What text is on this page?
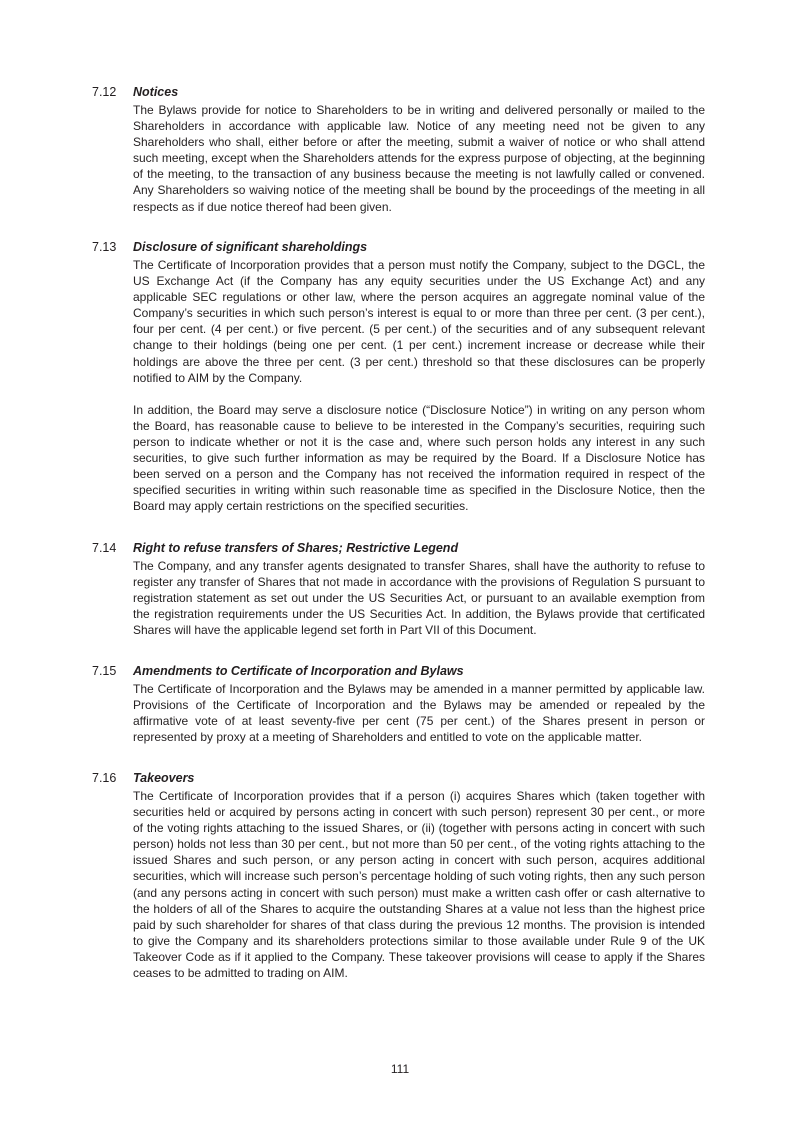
7.12 Notices

The Bylaws provide for notice to Shareholders to be in writing and delivered personally or mailed to the Shareholders in accordance with applicable law. Notice of any meeting need not be given to any Shareholders who shall, either before or after the meeting, submit a waiver of notice or who shall attend such meeting, except when the Shareholders attends for the express purpose of objecting, at the beginning of the meeting, to the transaction of any business because the meeting is not lawfully called or convened. Any Shareholders so waiving notice of the meeting shall be bound by the proceedings of the meeting in all respects as if due notice thereof had been given.

7.13 Disclosure of significant shareholdings

The Certificate of Incorporation provides that a person must notify the Company, subject to the DGCL, the US Exchange Act (if the Company has any equity securities under the US Exchange Act) and any applicable SEC regulations or other law, where the person acquires an aggregate nominal value of the Company’s securities in which such person’s interest is equal to or more than three per cent. (3 per cent.), four per cent. (4 per cent.) or five percent. (5 per cent.) of the securities and of any subsequent relevant change to their holdings (being one per cent. (1 per cent.) increment increase or decrease while their holdings are above the three per cent. (3 per cent.) threshold so that these disclosures can be properly notified to AIM by the Company.

In addition, the Board may serve a disclosure notice (“Disclosure Notice”) in writing on any person whom the Board, has reasonable cause to believe to be interested in the Company’s securities, requiring such person to indicate whether or not it is the case and, where such person holds any interest in any such securities, to give such further information as may be required by the Board. If a Disclosure Notice has been served on a person and the Company has not received the information required in respect of the specified securities in writing within such reasonable time as specified in the Disclosure Notice, then the Board may apply certain restrictions on the specified securities.

7.14 Right to refuse transfers of Shares; Restrictive Legend

The Company, and any transfer agents designated to transfer Shares, shall have the authority to refuse to register any transfer of Shares that not made in accordance with the provisions of Regulation S pursuant to registration statement as set out under the US Securities Act, or pursuant to an available exemption from the registration requirements under the US Securities Act. In addition, the Bylaws provide that certificated Shares will have the applicable legend set forth in Part VII of this Document.

7.15 Amendments to Certificate of Incorporation and Bylaws

The Certificate of Incorporation and the Bylaws may be amended in a manner permitted by applicable law. Provisions of the Certificate of Incorporation and the Bylaws may be amended or repealed by the affirmative vote of at least seventy-five per cent (75 per cent.) of the Shares present in person or represented by proxy at a meeting of Shareholders and entitled to vote on the applicable matter.

7.16 Takeovers

The Certificate of Incorporation provides that if a person (i) acquires Shares which (taken together with securities held or acquired by persons acting in concert with such person) represent 30 per cent., or more of the voting rights attaching to the issued Shares, or (ii) (together with persons acting in concert with such person) holds not less than 30 per cent., but not more than 50 per cent., of the voting rights attaching to the issued Shares and such person, or any person acting in concert with such person, acquires additional securities, which will increase such person’s percentage holding of such voting rights, then any such person (and any persons acting in concert with such person) must make a written cash offer or cash alternative to the holders of all of the Shares to acquire the outstanding Shares at a value not less than the highest price paid by such shareholder for shares of that class during the previous 12 months. The provision is intended to give the Company and its shareholders protections similar to those available under Rule 9 of the UK Takeover Code as if it applied to the Company. These takeover provisions will cease to apply if the Shares ceases to be admitted to trading on AIM.

111
